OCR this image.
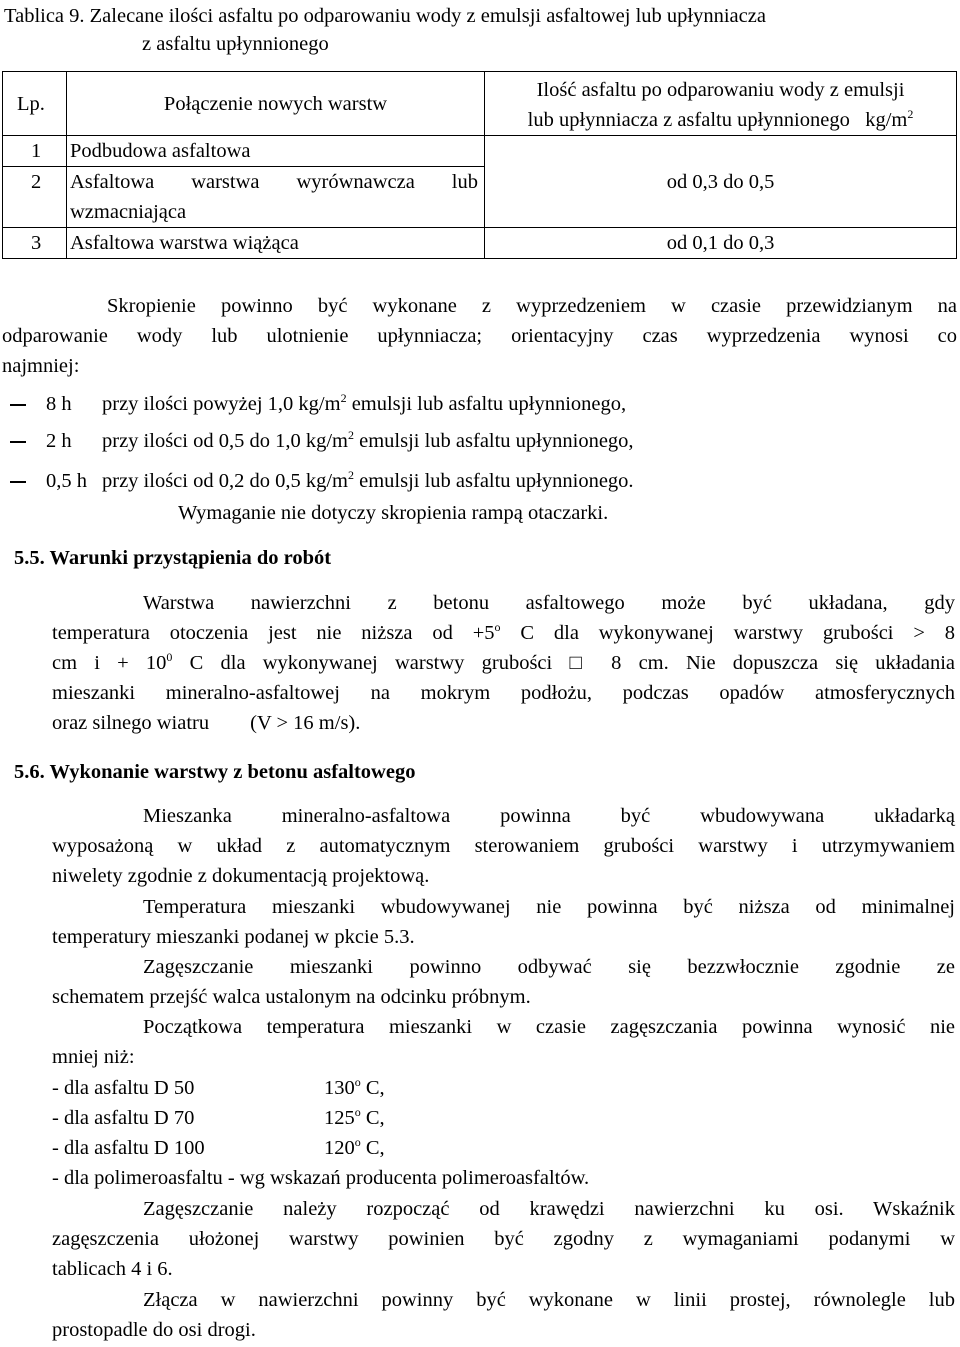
Tablica 9. Zalecane ilości asfaltu po odparowaniu wody z emulsji asfaltowej lub upłynniacza
z asfaltu upłynnionego
Lp.	Połączenie nowych warstw	Ilość asfaltu po odparowaniu wody z emulsji
lub upłynniacza z asfaltu upłynnionego $kg/m^2$

1	Podbudowa asfaltowa	od 0,3 do 0,5
2	Asfaltowa warstwa wyrównawcza lub
wzmacniająca	
3	Asfaltowa warstwa wiążąca	od 0,1 do 0,3
Skropienie powinno być wykonane z wyprzedzeniem w czasie przewidzianym na
odparowanie wody lub ulotnienie upłynniacza; orientacyjny czas wyprzedzenia wynosi co
najmniej:
8 h przy ilości powyżej 1,0 $kg/m^2$ emulsji lub asfaltu upłynnionego,
2 h przy ilości od 0,5 do 1,0 $kg/m^2$ emulsji lub asfaltu upłynnionego,
0,5 h przy ilości od 0,2 do 0,5 $kg/m^2$ emulsji lub asfaltu upłynnionego.
Wymaganie nie dotyczy skropienia rampą otaczarki.
5.5. Warunki przystąpienia do robót
Warstwa nawierzchni z betonu asfaltowego może być układana, gdy
temperatura otoczenia jest nie niższa od $+5^o$ C dla wykonywanej warstwy grubości > 8
cm $i + 10^0$ C dla wykonywanej warstwy grubości □ 8 cm. Nie dopuszcza się układania
mieszanki mineralno-asfaltowej na mokrym podłożu, podczas opadów atmosferycznych
oraz silnego wiatru        (V > 16 m/s).
5.6. Wykonanie warstwy z betonu asfaltowego
Mieszanka mineralno-asfaltowa powinna być wbudowywana układarką
wyposażoną w układ z automatycznym sterowaniem grubości warstwy i utrzymywaniem
niwelety zgodnie z dokumentacją projektową.
Temperatura mieszanki wbudowywanej nie powinna być niższa od minimalnej
temperatury mieszanki podanej w pkcie 5.3.
Zagęszczanie mieszanki powinno odbywać się bezzwłocznie zgodnie ze
schematem przejść walca ustalonym na odcinku próbnym.
Początkowa temperatura mieszanki w czasie zagęszczania powinna wynosić nie
mniej niż:
- dla asfaltu D 50	130$^o$ C,
- dla asfaltu D 70	125$^o$ C,
- dla asfaltu D 100	120$^o$ C,
- dla polimeroasfaltu - wg wskazań producenta polimeroasfaltów.
Zagęszczanie należy rozpocząć od krawędzi nawierzchni ku osi. Wskaźnik
zagęszczenia ułożonej warstwy powinien być zgodny z wymaganiami podanymi w
tablicach 4 i 6.
Złącza w nawierzchni powinny być wykonane w linii prostej, równolegle lub
prostopadle do osi drogi.
